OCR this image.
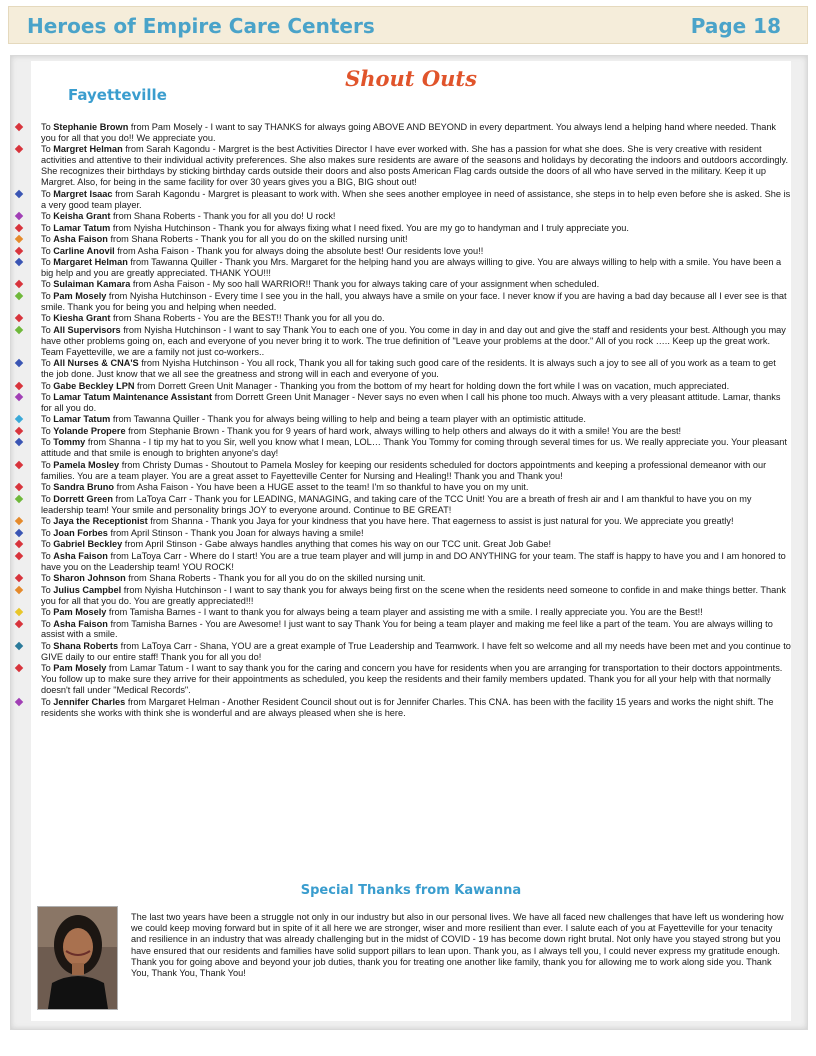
Heroes of Empire Care Centers	Page 18
Fayetteville
Shout Outs
To Stephanie Brown from Pam Mosely - I want to say THANKS for always going ABOVE AND BEYOND in every department. You always lend a helping hand where needed. Thank you for all that you do!! We appreciate you.
To Margret Helman from Sarah Kagondu - Margret is the best Activities Director I have ever worked with. She has a passion for what she does. She is very creative with resident activities and attentive to their individual activity preferences. She also makes sure residents are aware of the seasons and holidays by decorating the indoors and outdoors accordingly. She recognizes their birthdays by sticking birthday cards outside their doors and also posts American Flag cards outside the doors of all who have served in the military. Keep it up Margret. Also, for being in the same facility for over 30 years gives you a BIG, BIG shout out!
To Margret Isaac from Sarah Kagondu - Margret is pleasant to work with. When she sees another employee in need of assistance, she steps in to help even before she is asked. She is a very good team player.
To Keisha Grant from Shana Roberts - Thank you for all you do! U rock!
To Lamar Tatum from Nyisha Hutchinson - Thank you for always fixing what I need fixed. You are my go to handyman and I truly appreciate you.
To Asha Faison from Shana Roberts - Thank you for all you do on the skilled nursing unit!
To Carline Anovil from Asha Faison - Thank you for always doing the absolute best! Our residents love you!!
To Margaret Helman from Tawanna Quiller - Thank you Mrs. Margaret for the helping hand you are always willing to give. You are always willing to help with a smile. You have been a big help and you are greatly appreciated. THANK YOU!!!
To Sulaiman Kamara from Asha Faison - My soo hall WARRIOR!! Thank you for always taking care of your assignment when scheduled.
To Pam Mosely from Nyisha Hutchinson - Every time I see you in the hall, you always have a smile on your face. I never know if you are having a bad day because all I ever see is that smile. Thank you for being you and helping when needed.
To Kiesha Grant from Shana Roberts - You are the BEST!! Thank you for all you do.
To All Supervisors from Nyisha Hutchinson - I want to say Thank You to each one of you. You come in day in and day out and give the staff and residents your best. Although you may have other problems going on, each and everyone of you never bring it to work. The true definition of "Leave your problems at the door." All of you rock ….. Keep up the great work. Team Fayetteville, we are a family not just co-workers..
To All Nurses & CNA'S from Nyisha Hutchinson - You all rock, Thank you all for taking such good care of the residents. It is always such a joy to see all of you work as a team to get the job done. Just know that we all see the greatness and strong will in each and everyone of you.
To Gabe Beckley LPN from Dorrett Green Unit Manager - Thanking you from the bottom of my heart for holding down the fort while I was on vacation, much appreciated.
To Lamar Tatum Maintenance Assistant from Dorrett Green Unit Manager - Never says no even when I call his phone too much. Always with a very pleasant attitude. Lamar, thanks for all you do.
To Lamar Tatum from Tawanna Quiller - Thank you for always being willing to help and being a team player with an optimistic attitude.
To Yolande Propere from Stephanie Brown - Thank you for 9 years of hard work, always willing to help others and always do it with a smile! You are the best!
To Tommy from Shanna - I tip my hat to you Sir, well you know what I mean, LOL… Thank You Tommy for coming through several times for us. We really appreciate you. Your pleasant attitude and that smile is enough to brighten anyone's day!
To Pamela Mosley from Christy Dumas - Shoutout to Pamela Mosley for keeping our residents scheduled for doctors appointments and keeping a professional demeanor with our families. You are a team player. You are a great asset to Fayetteville Center for Nursing and Healing!! Thank you and Thank you!
To Sandra Bruno from Asha Faison - You have been a HUGE asset to the team! I'm so thankful to have you on my unit.
To Dorrett Green from LaToya Carr - Thank you for LEADING, MANAGING, and taking care of the TCC Unit! You are a breath of fresh air and I am thankful to have you on my leadership team! Your smile and personality brings JOY to everyone around. Continue to BE GREAT!
To Jaya the Receptionist from Shanna - Thank you Jaya for your kindness that you have here. That eagerness to assist is just natural for you. We appreciate you greatly!
To Joan Forbes from April Stinson - Thank you Joan for always having a smile!
To Gabriel Beckley from April Stinson - Gabe always handles anything that comes his way on our TCC unit. Great Job Gabe!
To Asha Faison from LaToya Carr - Where do I start! You are a true team player and will jump in and DO ANYTHING for your team. The staff is happy to have you and I am honored to have you on the Leadership team! YOU ROCK!
To Sharon Johnson from Shana Roberts - Thank you for all you do on the skilled nursing unit.
To Julius Campbel from Nyisha Hutchinson - I want to say thank you for always being first on the scene when the residents need someone to confide in and make things better. Thank you for all that you do. You are greatly appreciated!!!
To Pam Mosely from Tamisha Barnes - I want to thank you for always being a team player and assisting me with a smile. I really appreciate you. You are the Best!!
To Asha Faison from Tamisha Barnes - You are Awesome! I just want to say Thank You for being a team player and making me feel like a part of the team. You are always willing to assist with a smile.
To Shana Roberts from LaToya Carr - Shana, YOU are a great example of True Leadership and Teamwork. I have felt so welcome and all my needs have been met and you continue to GIVE daily to our entire staff! Thank you for all you do!
To Pam Mosely from Lamar Tatum - I want to say thank you for the caring and concern you have for residents when you are arranging for transportation to their doctors appointments. You follow up to make sure they arrive for their appointments as scheduled, you keep the residents and their family members updated. Thank you for all your help with that normally doesn't fall under "Medical Records".
To Jennifer Charles from Margaret Helman - Another Resident Council shout out is for Jennifer Charles. This CNA. has been with the facility 15 years and works the night shift. The residents she works with think she is wonderful and are always pleased when she is here.
Special Thanks from Kawanna

The last two years have been a struggle not only in our industry but also in our personal lives. We have all faced new challenges that have left us wondering how we could keep moving forward but in spite of it all here we are stronger, wiser and more resilient than ever. I salute each of you at Fayetteville for your tenacity and resilience in an industry that was already challenging but in the midst of COVID - 19 has become down right brutal. Not only have you stayed strong but you have ensured that our residents and families have solid support pillars to lean upon. Thank you, as I always tell you, I could never express my gratitude enough. Thank you for going above and beyond your job duties, thank you for treating one another like family, thank you for allowing me to work along side you. Thank You, Thank You, Thank You!
